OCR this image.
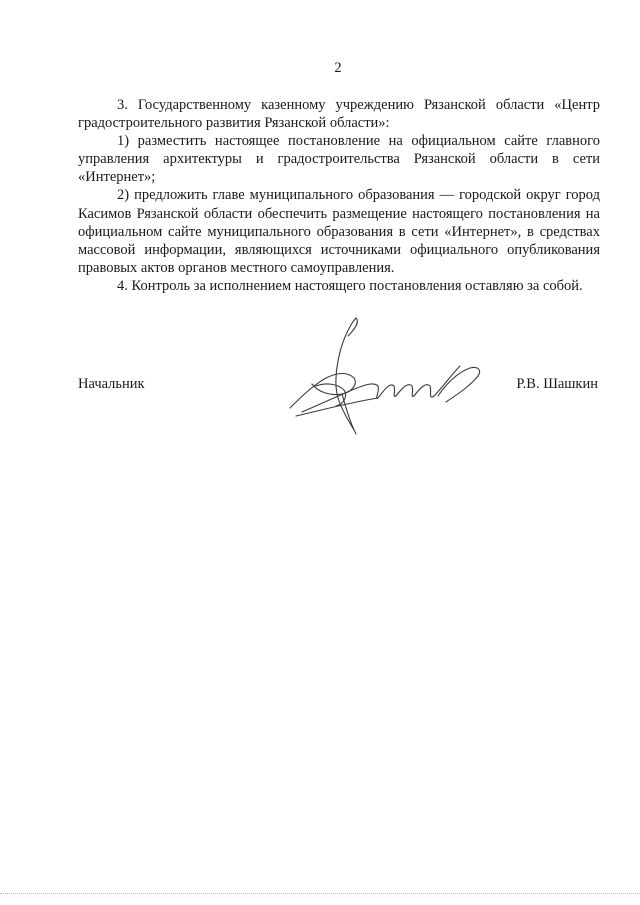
2

3. Государственному казенному учреждению Рязанской области «Центр градостроительного развития Рязанской области»:

1) разместить настоящее постановление на официальном сайте главного управления архитектуры и градостроительства Рязанской области в сети «Интернет»;

2) предложить главе муниципального образования — городской округ город Касимов Рязанской области обеспечить размещение настоящего постановления на официальном сайте муниципального образования в сети «Интернет», в средствах массовой информации, являющихся источниками официального опубликования правовых актов органов местного самоуправления.

4. Контроль за исполнением настоящего постановления оставляю за собой.

Начальник	Р.В. Шашкин
